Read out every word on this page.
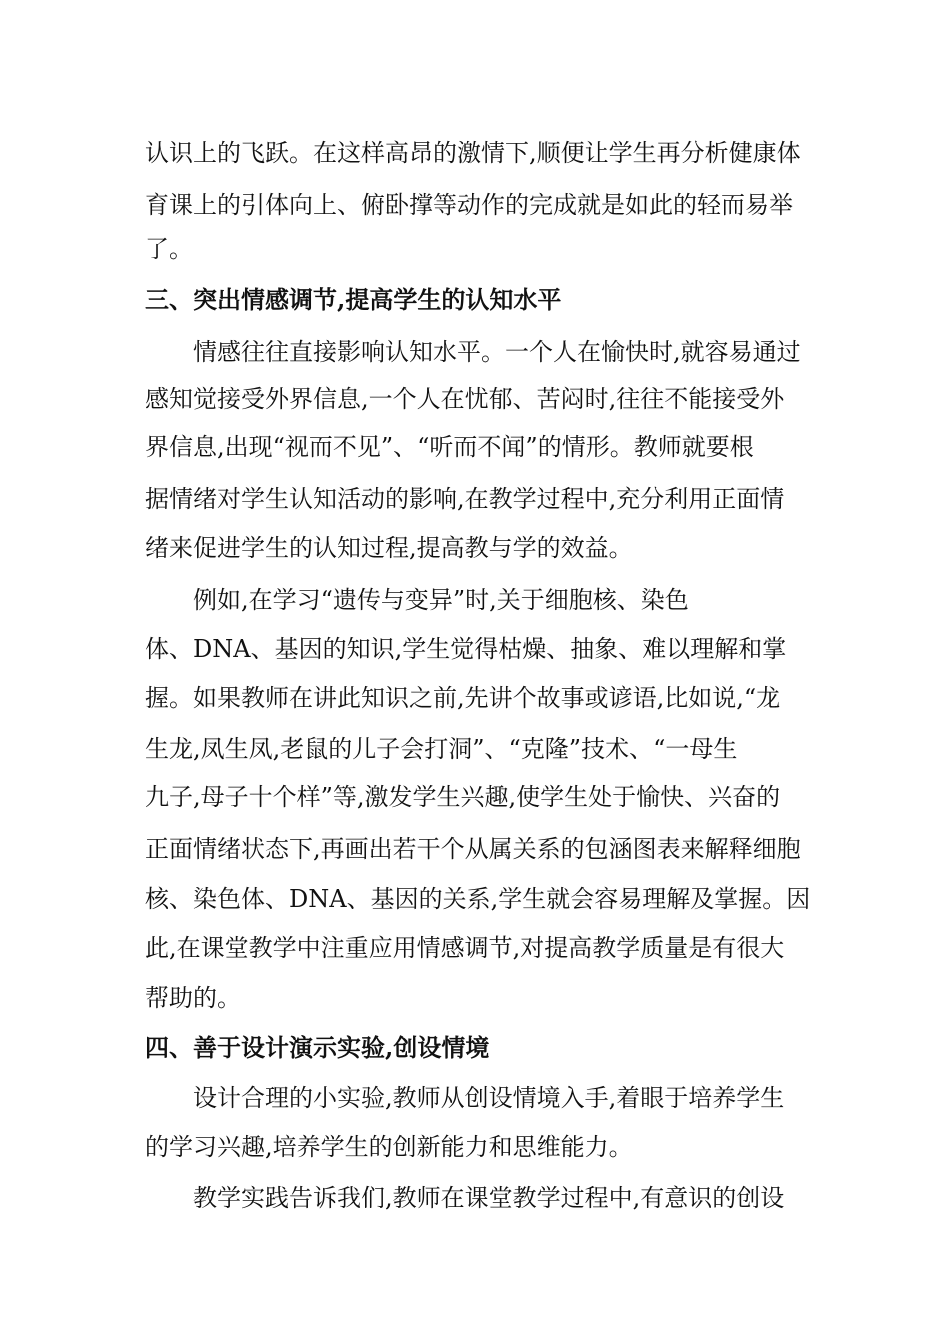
认识上的飞跃。在这样高昂的激情下,顺便让学生再分析健康体
育课上的引体向上、俯卧撑等动作的完成就是如此的轻而易举
了。
三、突出情感调节,提高学生的认知水平
情感往往直接影响认知水平。一个人在愉快时,就容易通过
感知觉接受外界信息,一个人在忧郁、苦闷时,往往不能接受外
界信息,出现“视而不见”、“听而不闻”的情形。教师就要根
据情绪对学生认知活动的影响,在教学过程中,充分利用正面情
绪来促进学生的认知过程,提高教与学的效益。
例如,在学习“遗传与变异”时,关于细胞核、染色
体、DNA、基因的知识,学生觉得枯燥、抽象、难以理解和掌
握。如果教师在讲此知识之前,先讲个故事或谚语,比如说,“龙
生龙,凤生凤,老鼠的儿子会打洞”、“克隆”技术、“一母生
九子,母子十个样”等,激发学生兴趣,使学生处于愉快、兴奋的
正面情绪状态下,再画出若干个从属关系的包涵图表来解释细胞
核、染色体、DNA、基因的关系,学生就会容易理解及掌握。因
此,在课堂教学中注重应用情感调节,对提高教学质量是有很大
帮助的。
四、善于设计演示实验,创设情境
设计合理的小实验,教师从创设情境入手,着眼于培养学生
的学习兴趣,培养学生的创新能力和思维能力。
教学实践告诉我们,教师在课堂教学过程中,有意识的创设
